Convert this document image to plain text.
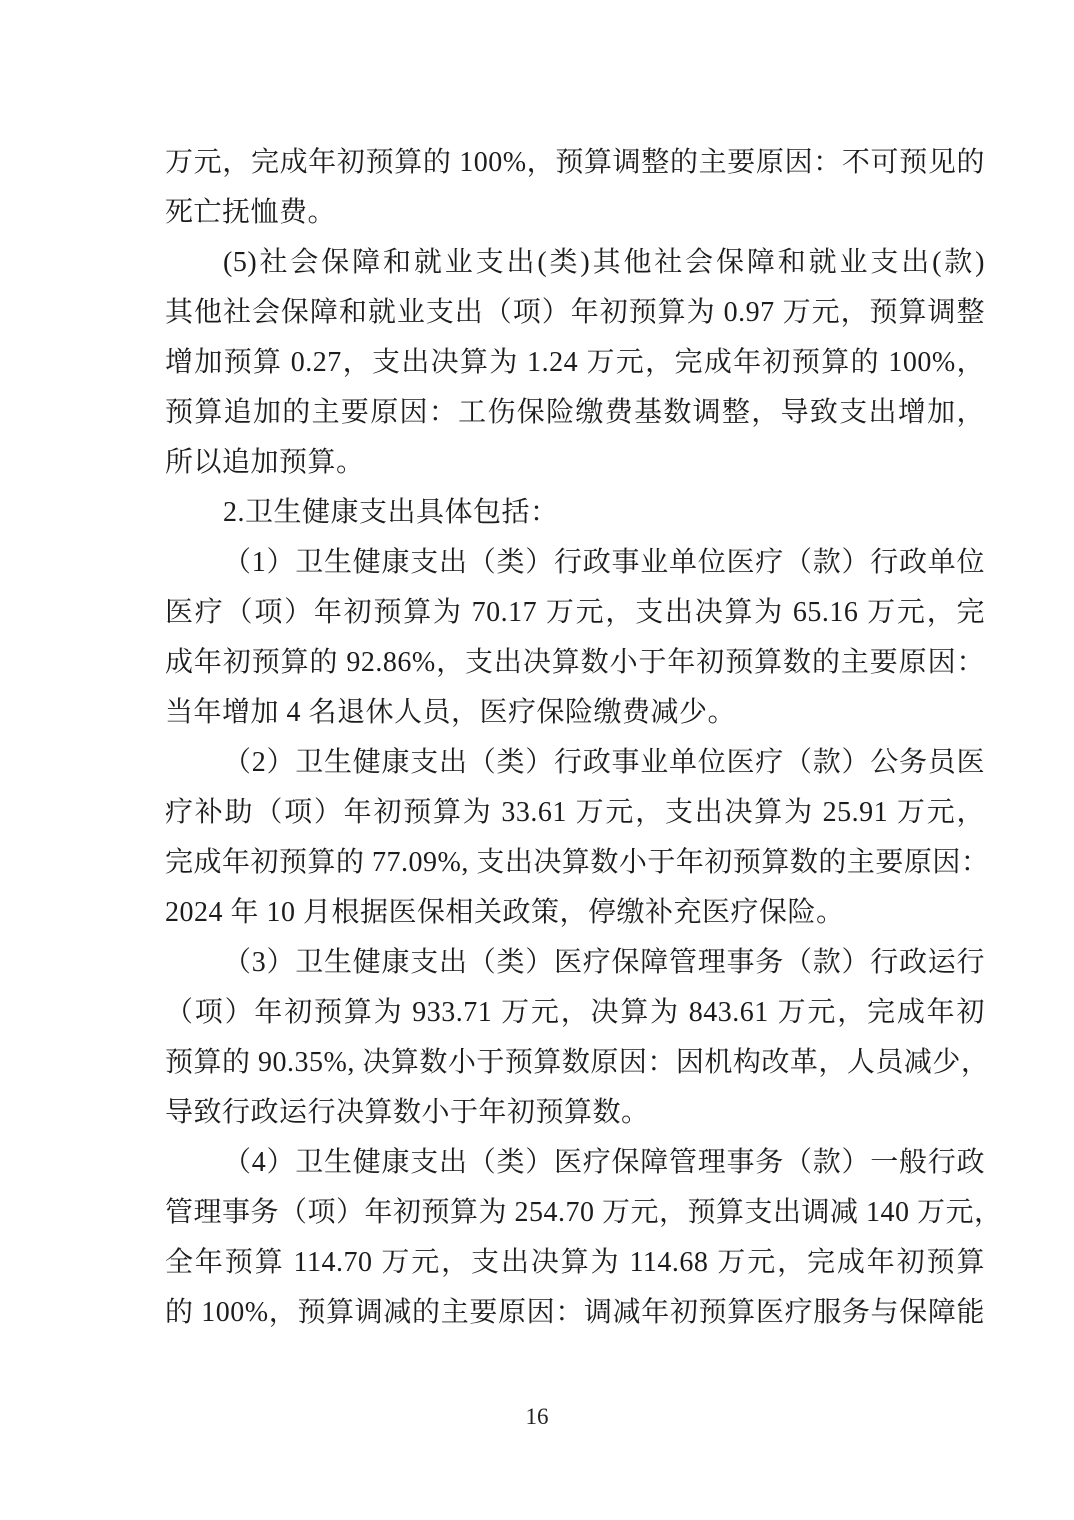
万元，完成年初预算的 100%，预算调整的主要原因：不可预见的
死亡抚恤费。
(5)社会保障和就业支出(类)其他社会保障和就业支出(款)
其他社会保障和就业支出（项）年初预算为 0.97 万元，预算调整
增加预算 0.27，支出决算为 1.24 万元，完成年初预算的 100%，
预算追加的主要原因：工伤保险缴费基数调整，导致支出增加，
所以追加预算。
2.卫生健康支出具体包括：
（1）卫生健康支出（类）行政事业单位医疗（款）行政单位
医疗（项）年初预算为 70.17 万元，支出决算为 65.16 万元，完
成年初预算的 92.86%，支出决算数小于年初预算数的主要原因：
当年增加 4 名退休人员，医疗保险缴费减少。
（2）卫生健康支出（类）行政事业单位医疗（款）公务员医
疗补助（项）年初预算为 33.61 万元，支出决算为 25.91 万元，
完成年初预算的 77.09%, 支出决算数小于年初预算数的主要原因：
2024 年 10 月根据医保相关政策，停缴补充医疗保险。
（3）卫生健康支出（类）医疗保障管理事务（款）行政运行
（项）年初预算为 933.71 万元，决算为 843.61 万元，完成年初
预算的 90.35%, 决算数小于预算数原因：因机构改革，人员减少，
导致行政运行决算数小于年初预算数。
（4）卫生健康支出（类）医疗保障管理事务（款）一般行政
管理事务（项）年初预算为 254.70 万元，预算支出调减 140 万元，
全年预算 114.70 万元，支出决算为 114.68 万元，完成年初预算
的 100%，预算调减的主要原因：调减年初预算医疗服务与保障能
16
